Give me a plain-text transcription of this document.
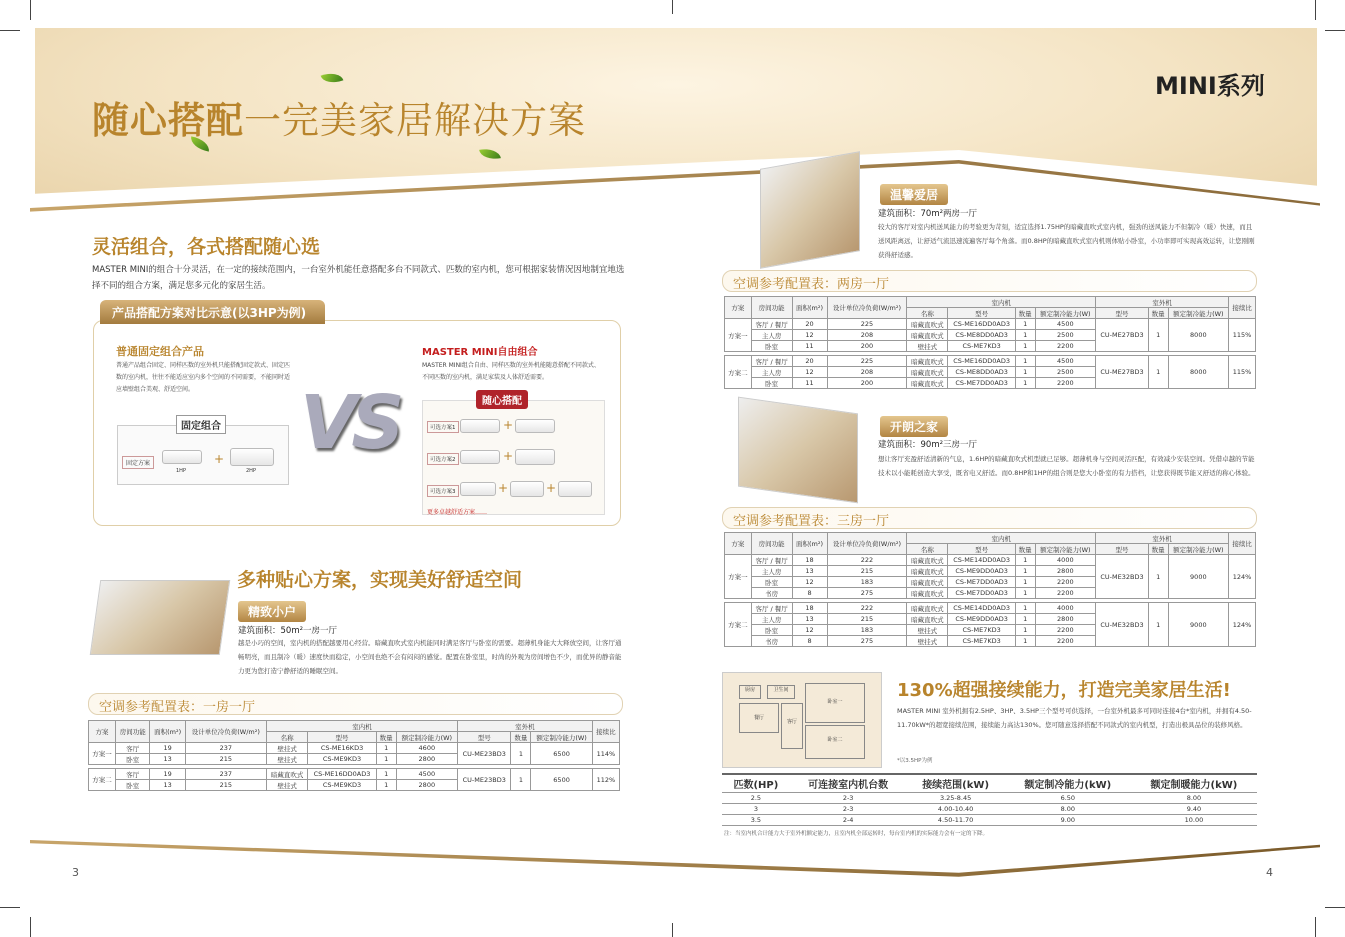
随心搭配一完美家居解决方案
MINI系列
灵活组合，各式搭配随心选
MASTER MINI的组合十分灵活，在一定的接续范围内，一台室外机能任意搭配多台不同款式、匹数的室内机，您可根据家装情况因地制宜地选择不同的组合方案，满足您多元化的家居生活。
产品搭配方案对比示意(以3HP为例)
普通固定组合产品
普通产品组合固定、同样匹数的室外机只能搭配固定款式、固定匹数的室内机，往往不能适应室内多个空间的不同需要，不能同时适应墙壁组合美观、舒适空间。
固定组合
固定方案
1HP
+
2HP
VS
MASTER MINI自由组合
MASTER MINI组合自由、同样匹数的室外机能随意搭配不同款式、不同匹数的室内机，满足家装及人体舒适需要。
随心搭配
可选方案1	+
可选方案2	+
可选方案3	+	+
更多卓越舒适方案……
多种贴心方案，实现美好舒适空间
精致小户
建筑面积：50m²一房一厅
越是小巧的空间，室内机的搭配越要用心经营。暗藏直吹式室内机能同时满足客厅与卧室的需要。超薄机身能大大释放空间，让客厅通畅明亮，而且制冷（暖）速度快而稳定，小空间也绝不会有闷闷的感觉。配置在卧室里，时尚的外观为房间增色不少，而优异的静音能力更为您打造宁静舒适的睡眠空间。
空调参考配置表：一房一厅
方案	房间功能	面积(m²)	设计单位冷负荷(W/m²)	室内机				室外机			接续比
				名称	型号	数量	额定制冷能力(W)	型号	数量	额定制冷能力(W)	
方案一	客厅	19	237	壁挂式	CS-ME16KD3	1	4600	CU-ME23BD3	1	6500	114%
	卧室	13	215	壁挂式	CS-ME9KD3	1	2800				

方案二	客厅	19	237	暗藏直吹式	CS-ME16DD0AD3	1	4500	CU-ME23BD3	1	6500	112%
	卧室	13	215	壁挂式	CS-ME9KD3	1	2800				
3
温馨爱居
建筑面积：70m²两房一厅
较大的客厅对室内机送风能力的考验更为苛刻，适宜选择1.75HP的暗藏直吹式室内机，强劲的送风能力不但制冷（暖）快速，而且送风距离远，让舒适气流迅速流遍客厅每个角落。而0.8HP的暗藏直吹式室内机则体贴小卧室，小功率即可实现高效运转，让您刚刚获得舒适感。
空调参考配置表：两房一厅
方案	房间功能	面积(m²)	设计单位冷负荷(W/m²)	室内机				室外机			接续比
				名称	型号	数量	额定制冷能力(W)	型号	数量	额定制冷能力(W)	
方案一	客厅 / 餐厅	20	225	暗藏直吹式	CS-ME16DD0AD3	1	4500	CU-ME27BD3	1	8000	115%
	主人房	12	208	暗藏直吹式	CS-ME8DD0AD3	1	2500				
	卧室	11	200	壁挂式	CS-ME7KD3	1	2200				

方案二	客厅 / 餐厅	20	225	暗藏直吹式	CS-ME16DD0AD3	1	4500	CU-ME27BD3	1	8000	115%
	主人房	12	208	暗藏直吹式	CS-ME8DD0AD3	1	2500				
	卧室	11	200	暗藏直吹式	CS-ME7DD0AD3	1	2200				
开朗之家
建筑面积：90m²三房一厅
想让客厅充盈舒适清新的气息，1.6HP的暗藏直吹式机型就已足够。超薄机身与空间灵活匹配，有效减少安装空间。凭借卓越的节能技术以小能耗创造大享受，既省电又舒适。而0.8HP和1HP的组合则是您大小卧室的有力搭档，让您获得既节能又舒适的称心体验。
空调参考配置表：三房一厅
方案	房间功能	面积(m²)	设计单位冷负荷(W/m²)	室内机				室外机			接续比
				名称	型号	数量	额定制冷能力(W)	型号	数量	额定制冷能力(W)	
方案一	客厅 / 餐厅	18	222	暗藏直吹式	CS-ME14DD0AD3	1	4000	CU-ME32BD3	1	9000	124%
	主人房	13	215	暗藏直吹式	CS-ME9DD0AD3	1	2800				
	卧室	12	183	暗藏直吹式	CS-ME7DD0AD3	1	2200				
	书房	8	275	暗藏直吹式	CS-ME7DD0AD3	1	2200				

方案二	客厅 / 餐厅	18	222	暗藏直吹式	CS-ME14DD0AD3	1	4000	CU-ME32BD3	1	9000	124%
	主人房	13	215	暗藏直吹式	CS-ME9DD0AD3	1	2800				
	卧室	12	183	壁挂式	CS-ME7KD3	1	2200				
	书房	8	275	壁挂式	CS-ME7KD3	1	2200				
厨房	卫生间
卧室一
餐厅
客厅
卧室二
130%超强接续能力，打造完美家居生活!
MASTER MINI 室外机拥有2.5HP、3HP、3.5HP三个型号可供选择，一台室外机最多可同时连接4台*室内机，并拥有4.50-11.70kW*的超宽接续范围，接续能力高达130%。您可随意选择搭配不同款式的室内机型，打造出极具品位的装修风格。
*以3.5HP为例
匹数(HP)	可连接室内机台数	接续范围(kW)	额定制冷能力(kW)	额定制暖能力(kW)
2.5	2-3	3.25-8.45	6.50	8.00
3	2-3	4.00-10.40	8.00	9.40
3.5	2-4	4.50-11.70	9.00	10.00
注：当室内机合计能力大于室外机额定能力，且室内机全部运转时，每台室内机的实际能力会有一定的下降。
4
